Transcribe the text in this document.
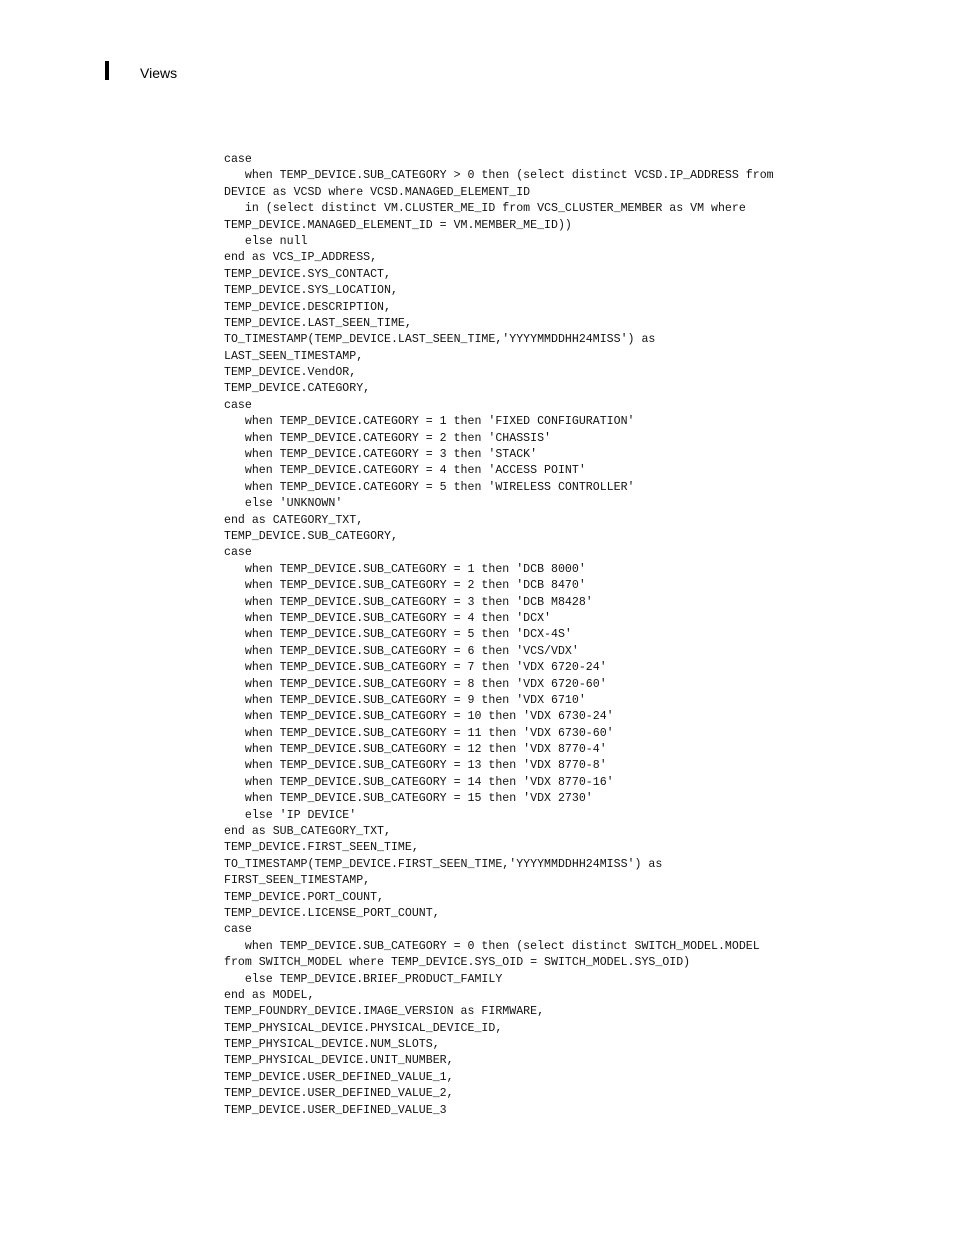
Views
case
when TEMP_DEVICE.SUB_CATEGORY > 0 then (select distinct VCSD.IP_ADDRESS from
DEVICE as VCSD where VCSD.MANAGED_ELEMENT_ID
in (select distinct VM.CLUSTER_ME_ID from VCS_CLUSTER_MEMBER as VM where
TEMP_DEVICE.MANAGED_ELEMENT_ID = VM.MEMBER_ME_ID))
else null
end as VCS_IP_ADDRESS,
TEMP_DEVICE.SYS_CONTACT,
TEMP_DEVICE.SYS_LOCATION,
TEMP_DEVICE.DESCRIPTION,
TEMP_DEVICE.LAST_SEEN_TIME,
TO_TIMESTAMP(TEMP_DEVICE.LAST_SEEN_TIME,'YYYYMMDDHH24MISS') as
LAST_SEEN_TIMESTAMP,
TEMP_DEVICE.VendOR,
TEMP_DEVICE.CATEGORY,
case
when TEMP_DEVICE.CATEGORY = 1 then 'FIXED CONFIGURATION'
when TEMP_DEVICE.CATEGORY = 2 then 'CHASSIS'
when TEMP_DEVICE.CATEGORY = 3 then 'STACK'
when TEMP_DEVICE.CATEGORY = 4 then 'ACCESS POINT'
when TEMP_DEVICE.CATEGORY = 5 then 'WIRELESS CONTROLLER'
else 'UNKNOWN'
end as CATEGORY_TXT,
TEMP_DEVICE.SUB_CATEGORY,
case
when TEMP_DEVICE.SUB_CATEGORY = 1 then 'DCB 8000'
when TEMP_DEVICE.SUB_CATEGORY = 2 then 'DCB 8470'
when TEMP_DEVICE.SUB_CATEGORY = 3 then 'DCB M8428'
when TEMP_DEVICE.SUB_CATEGORY = 4 then 'DCX'
when TEMP_DEVICE.SUB_CATEGORY = 5 then 'DCX-4S'
when TEMP_DEVICE.SUB_CATEGORY = 6 then 'VCS/VDX'
when TEMP_DEVICE.SUB_CATEGORY = 7 then 'VDX 6720-24'
when TEMP_DEVICE.SUB_CATEGORY = 8 then 'VDX 6720-60'
when TEMP_DEVICE.SUB_CATEGORY = 9 then 'VDX 6710'
when TEMP_DEVICE.SUB_CATEGORY = 10 then 'VDX 6730-24'
when TEMP_DEVICE.SUB_CATEGORY = 11 then 'VDX 6730-60'
when TEMP_DEVICE.SUB_CATEGORY = 12 then 'VDX 8770-4'
when TEMP_DEVICE.SUB_CATEGORY = 13 then 'VDX 8770-8'
when TEMP_DEVICE.SUB_CATEGORY = 14 then 'VDX 8770-16'
when TEMP_DEVICE.SUB_CATEGORY = 15 then 'VDX 2730'
else 'IP DEVICE'
end as SUB_CATEGORY_TXT,
TEMP_DEVICE.FIRST_SEEN_TIME,
TO_TIMESTAMP(TEMP_DEVICE.FIRST_SEEN_TIME,'YYYYMMDDHH24MISS') as
FIRST_SEEN_TIMESTAMP,
TEMP_DEVICE.PORT_COUNT,
TEMP_DEVICE.LICENSE_PORT_COUNT,
case
when TEMP_DEVICE.SUB_CATEGORY = 0 then (select distinct SWITCH_MODEL.MODEL
from SWITCH_MODEL where TEMP_DEVICE.SYS_OID = SWITCH_MODEL.SYS_OID)
else TEMP_DEVICE.BRIEF_PRODUCT_FAMILY
end as MODEL,
TEMP_FOUNDRY_DEVICE.IMAGE_VERSION as FIRMWARE,
TEMP_PHYSICAL_DEVICE.PHYSICAL_DEVICE_ID,
TEMP_PHYSICAL_DEVICE.NUM_SLOTS,
TEMP_PHYSICAL_DEVICE.UNIT_NUMBER,
TEMP_DEVICE.USER_DEFINED_VALUE_1,
TEMP_DEVICE.USER_DEFINED_VALUE_2,
TEMP_DEVICE.USER_DEFINED_VALUE_3
